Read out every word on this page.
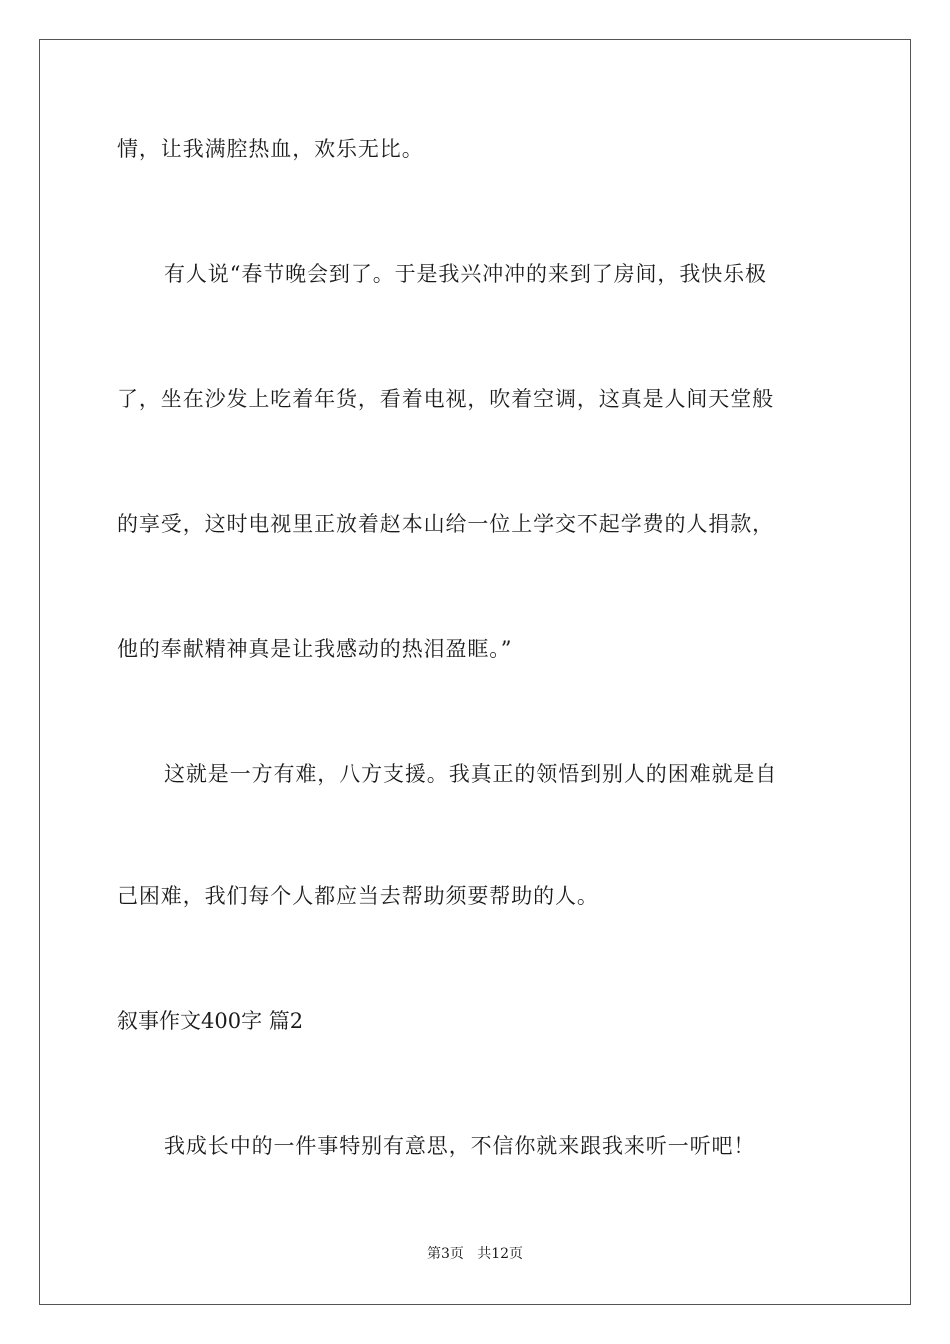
情，让我满腔热血，欢乐无比。
有人说“春节晚会到了。于是我兴冲冲的来到了房间，我快乐极
了，坐在沙发上吃着年货，看着电视，吹着空调，这真是人间天堂般
的享受，这时电视里正放着赵本山给一位上学交不起学费的人捐款，
他的奉献精神真是让我感动的热泪盈眶。”
这就是一方有难，八方支援。我真正的领悟到别人的困难就是自
己困难，我们每个人都应当去帮助须要帮助的人。
叙事作文400字 篇2
我成长中的一件事特别有意思，不信你就来跟我来听一听吧！
第3页   共12页
